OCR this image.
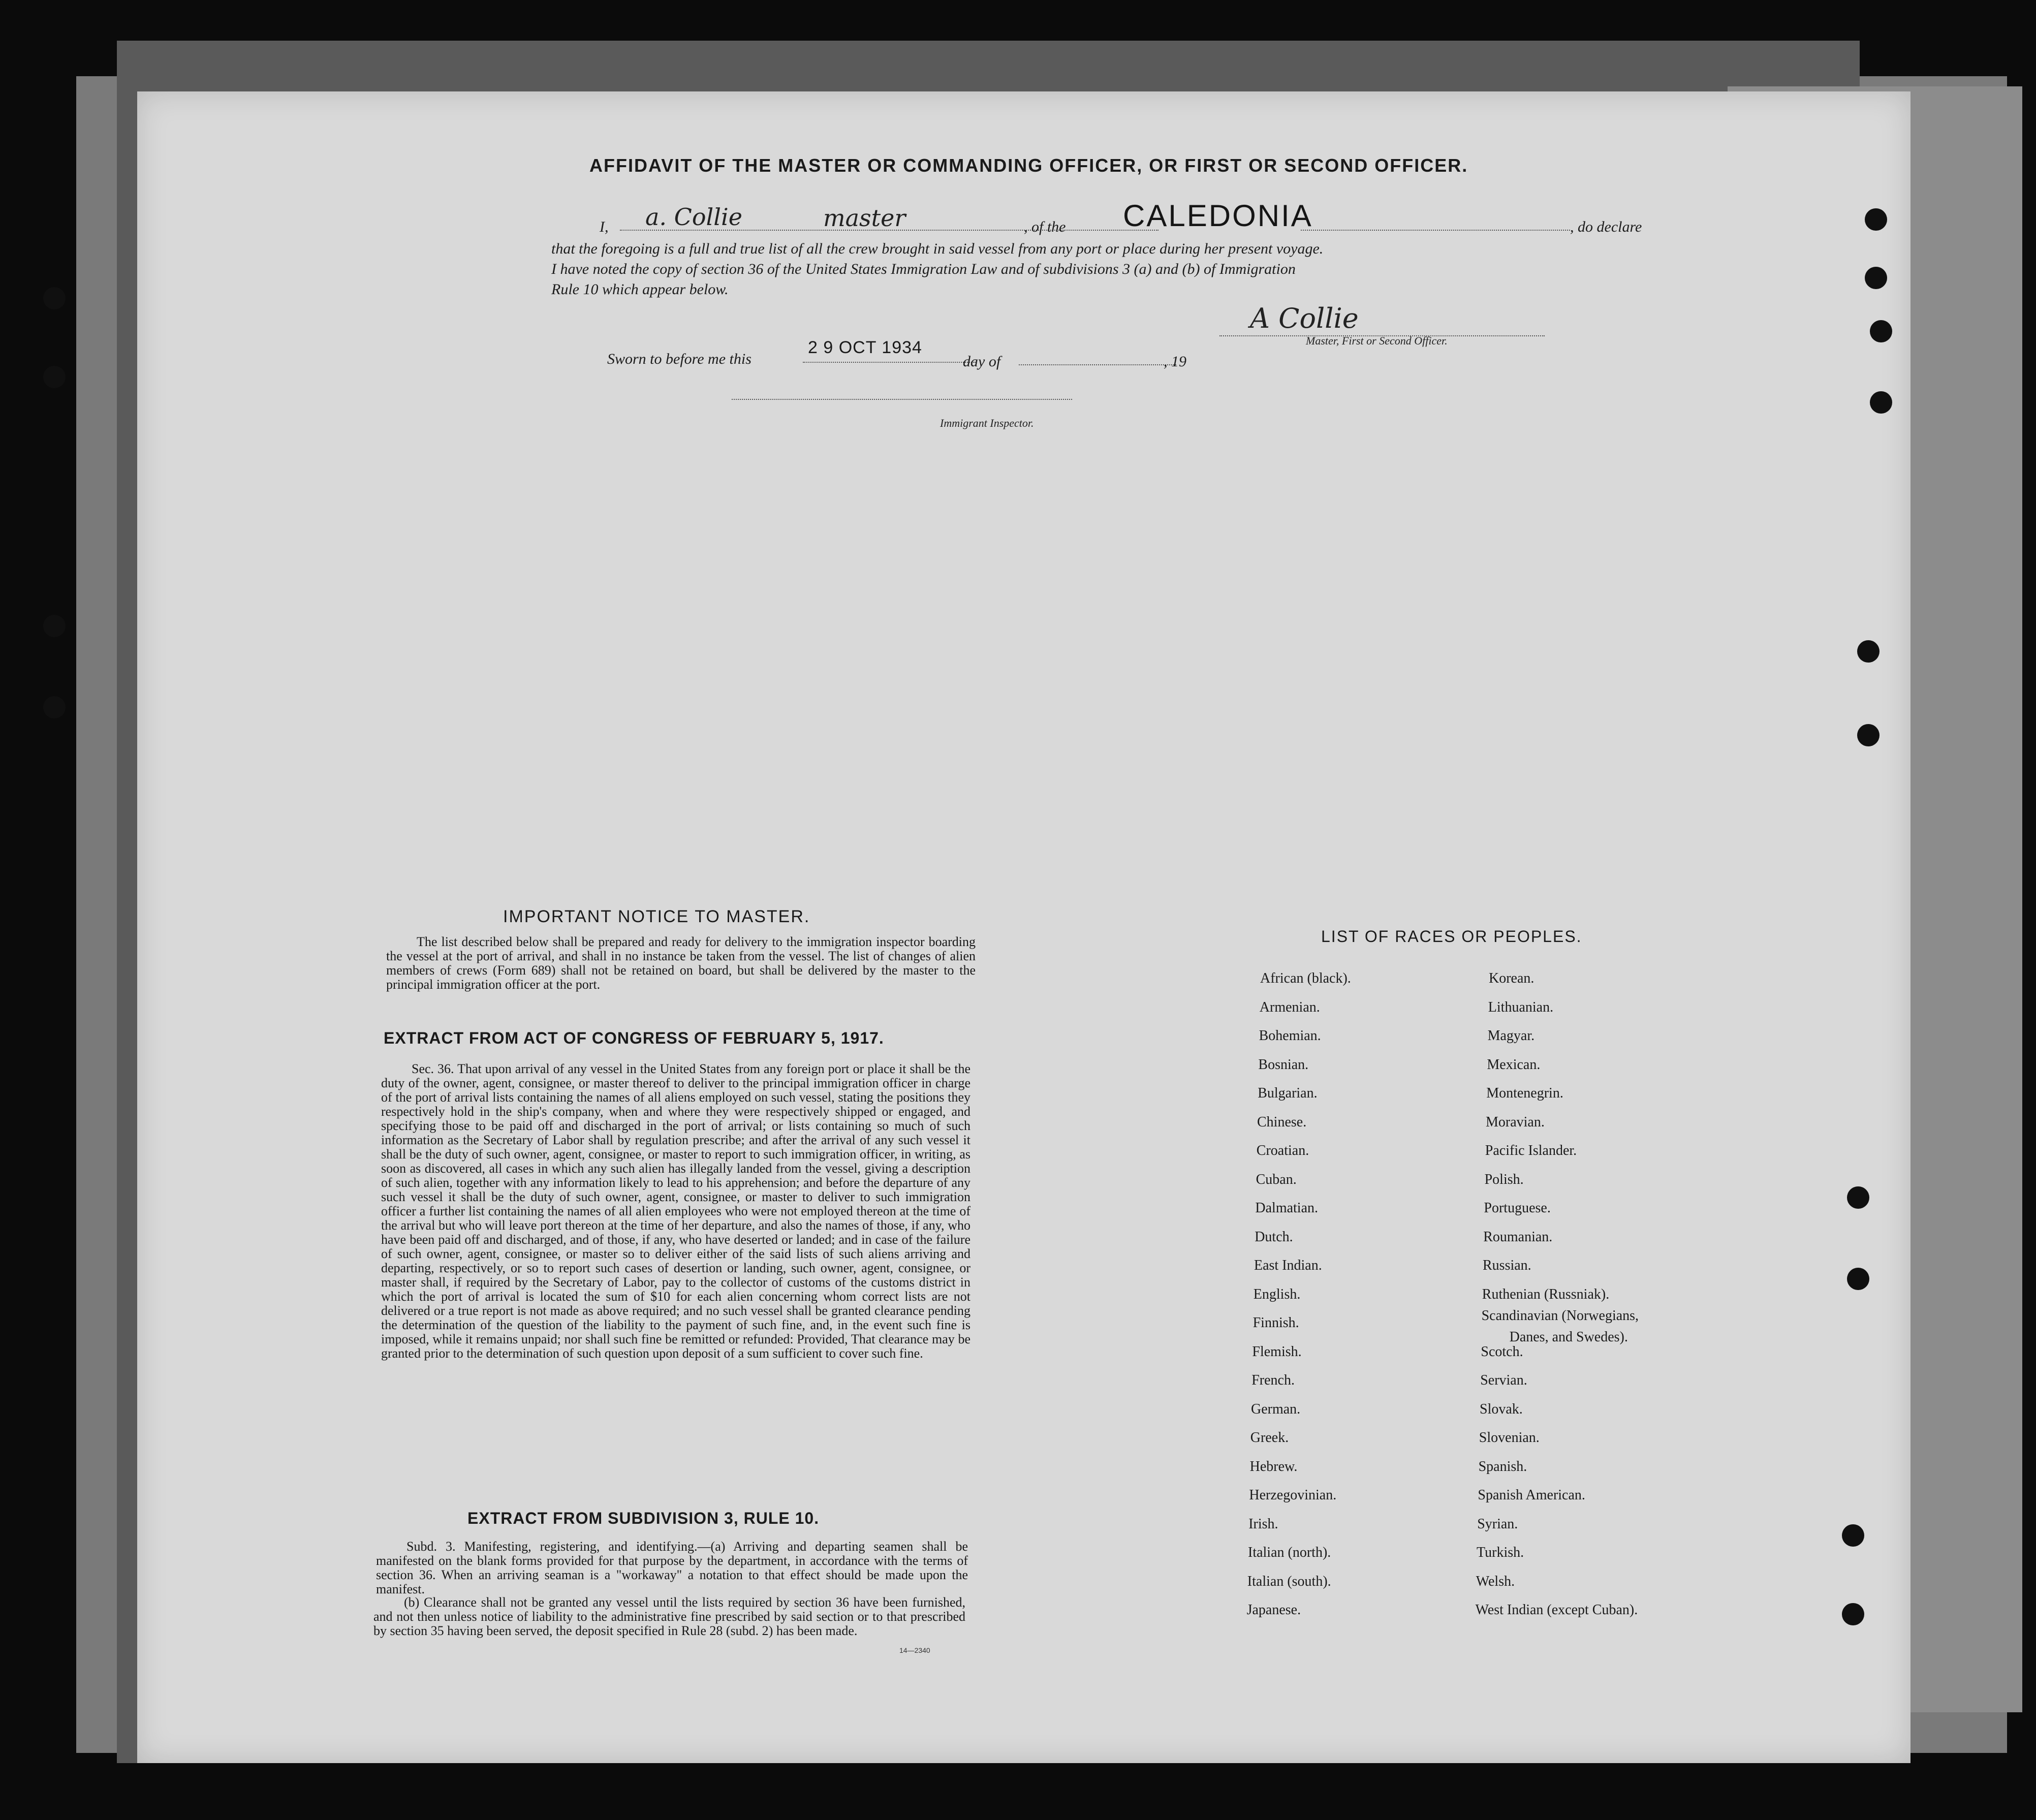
AFFIDAVIT OF THE MASTER OR COMMANDING OFFICER, OR FIRST OR SECOND OFFICER.
I, a. Collie	master	, of the CALEDONIA	, do declare
that the foregoing is a full and true list of all the crew brought in said vessel from any port or place during her present voyage.
I have noted the copy of section 36 of the United States Immigration Law and of subdivisions 3 (a) and (b) of Immigration
Rule 10 which appear below.
A Collie
Master, First or Second Officer.
Sworn to before me this
2 9 OCT 1934
day of	, 19
Immigrant Inspector.
IMPORTANT NOTICE TO MASTER.

The list described below shall be prepared and ready for delivery to the immigration inspector boarding the vessel at the port of arrival, and shall in no instance be taken from the vessel. The list of changes of alien members of crews (Form 689) shall not be retained on board, but shall be delivered by the master to the principal immigration officer at the port.

EXTRACT FROM ACT OF CONGRESS OF FEBRUARY 5, 1917.

Sec. 36. That upon arrival of any vessel in the United States from any foreign port or place it shall be the duty of the owner, agent, consignee, or master thereof to deliver to the principal immigration officer in charge of the port of arrival lists containing the names of all aliens employed on such vessel, stating the positions they respectively hold in the ship's company, when and where they were respectively shipped or engaged, and specifying those to be paid off and discharged in the port of arrival; or lists containing so much of such information as the Secretary of Labor shall by regulation prescribe; and after the arrival of any such vessel it shall be the duty of such owner, agent, consignee, or master to report to such immigration officer, in writing, as soon as discovered, all cases in which any such alien has illegally landed from the vessel, giving a description of such alien, together with any information likely to lead to his apprehension; and before the departure of any such vessel it shall be the duty of such owner, agent, consignee, or master to deliver to such immigration officer a further list containing the names of all alien employees who were not employed thereon at the time of the arrival but who will leave port thereon at the time of her departure, and also the names of those, if any, who have been paid off and discharged, and of those, if any, who have deserted or landed; and in case of the failure of such owner, agent, consignee, or master so to deliver either of the said lists of such aliens arriving and departing, respectively, or so to report such cases of desertion or landing, such owner, agent, consignee, or master shall, if required by the Secretary of Labor, pay to the collector of customs of the customs district in which the port of arrival is located the sum of $10 for each alien concerning whom correct lists are not delivered or a true report is not made as above required; and no such vessel shall be granted clearance pending the determination of the question of the liability to the payment of such fine, and, in the event such fine is imposed, while it remains unpaid; nor shall such fine be remitted or refunded: Provided, That clearance may be granted prior to the determination of such question upon deposit of a sum sufficient to cover such fine.

EXTRACT FROM SUBDIVISION 3, RULE 10.

Subd. 3. Manifesting, registering, and identifying.—(a) Arriving and departing seamen shall be manifested on the blank forms provided for that purpose by the department, in accordance with the terms of section 36. When an arriving seaman is a "workaway" a notation to that effect should be made upon the manifest.

(b) Clearance shall not be granted any vessel until the lists required by section 36 have been furnished, and not then unless notice of liability to the administrative fine prescribed by said section or to that prescribed by section 35 having been served, the deposit specified in Rule 28 (subd. 2) has been made.

14—2340
LIST OF RACES OR PEOPLES.
African (black).
Armenian.
Bohemian.
Bosnian.
Bulgarian.
Chinese.
Croatian.
Cuban.
Dalmatian.
Dutch.
East Indian.
English.
Finnish.
Flemish.
French.
German.
Greek.
Hebrew.
Herzegovinian.
Irish.
Italian (north).
Italian (south).
Japanese.
Korean.
Lithuanian.
Magyar.
Mexican.
Montenegrin.
Moravian.
Pacific Islander.
Polish.
Portuguese.
Roumanian.
Russian.
Ruthenian (Russniak).
Scandinavian (Norwegians,
Danes, and Swedes).
Scotch.
Servian.
Slovak.
Slovenian.
Spanish.
Spanish American.
Syrian.
Turkish.
Welsh.
West Indian (except Cuban).
